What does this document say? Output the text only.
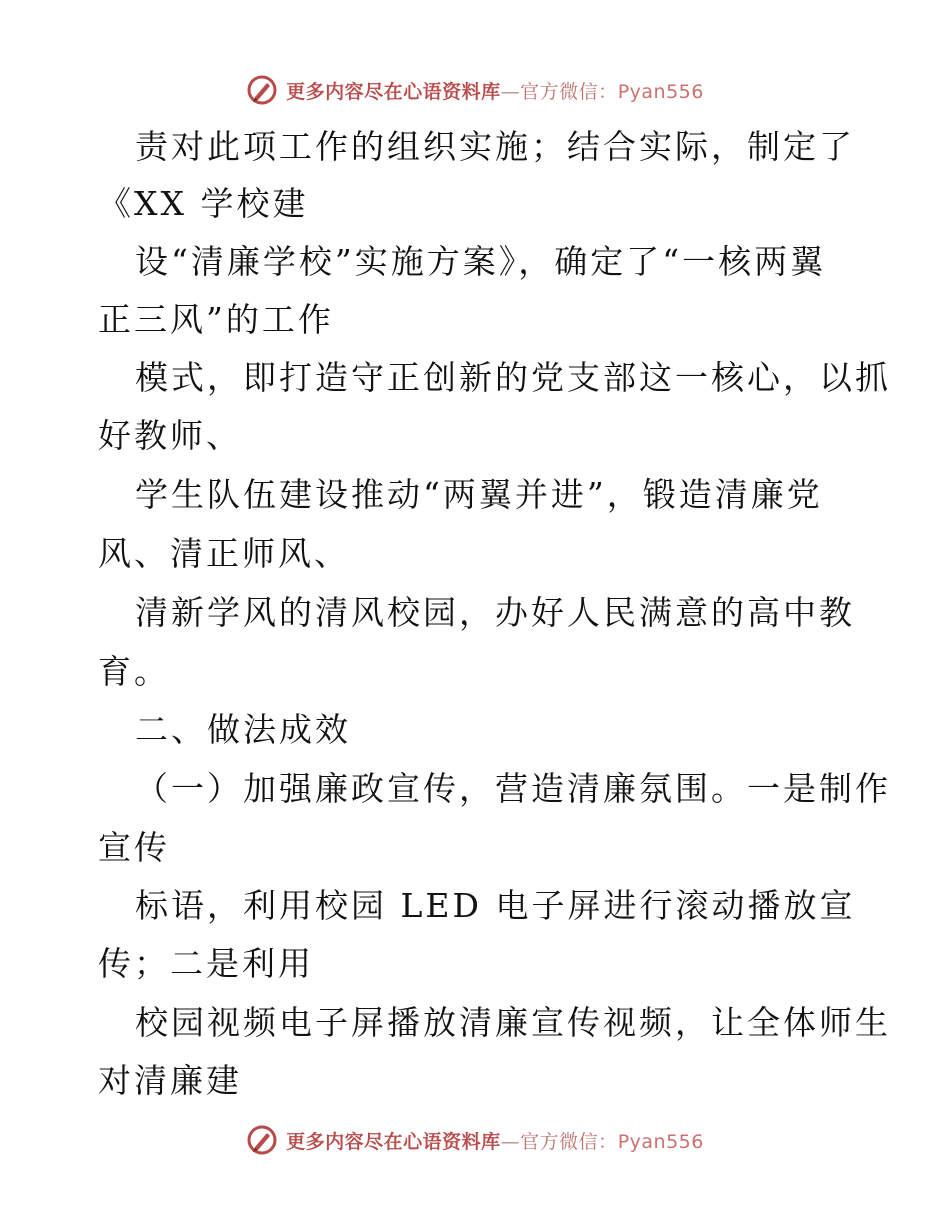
更多内容尽在心语资料库—官方微信：Pyan556
责对此项工作的组织实施；结合实际，制定了
《XX 学校建
设“清廉学校”实施方案》，确定了“一核两翼
正三风”的工作
模式，即打造守正创新的党支部这一核心，以抓
好教师、
学生队伍建设推动“两翼并进”，锻造清廉党
风、清正师风、
清新学风的清风校园，办好人民满意的高中教
育。
二、做法成效
（一）加强廉政宣传，营造清廉氛围。一是制作
宣传
标语，利用校园 LED 电子屏进行滚动播放宣
传；二是利用
校园视频电子屏播放清廉宣传视频，让全体师生
对清廉建
更多内容尽在心语资料库—官方微信：Pyan556
